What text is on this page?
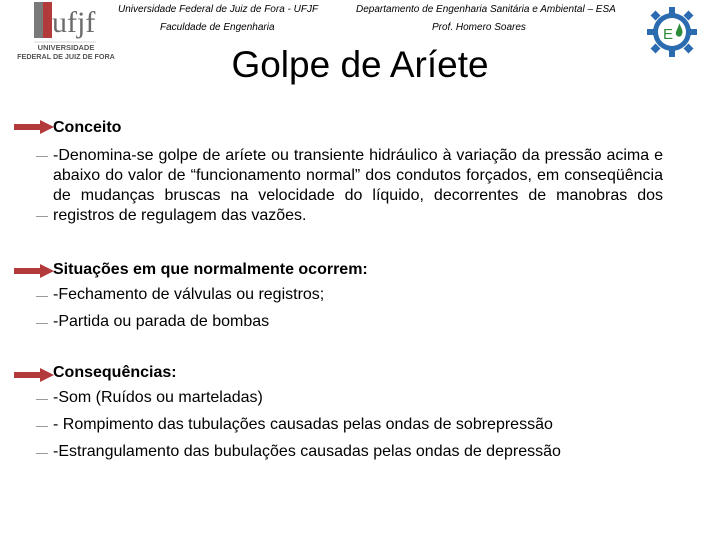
ufjf
UNIVERSIDADE
FEDERAL DE JUIZ DE FORA
Universidade Federal de Juiz de Fora - UFJF
Faculdade de Engenharia
Departamento de Engenharia Sanitária e Ambiental – ESA
Prof. Homero Soares	E
Golpe de Aríete
Conceito
-Denomina-se golpe de aríete ou transiente hidráulico à variação da pressão acima e abaixo do valor de “funcionamento normal” dos condutos forçados, em conseqüência de mudanças bruscas na velocidade do líquido, decorrentes de manobras dos registros de regulagem das vazões.
Situações em que normalmente ocorrem:
-Fechamento de válvulas ou registros;
-Partida ou parada de bombas
Consequências:
-Som (Ruídos ou marteladas)
- Rompimento das tubulações causadas pelas ondas de sobrepressão
-Estrangulamento das bubulações causadas pelas ondas de depressão
